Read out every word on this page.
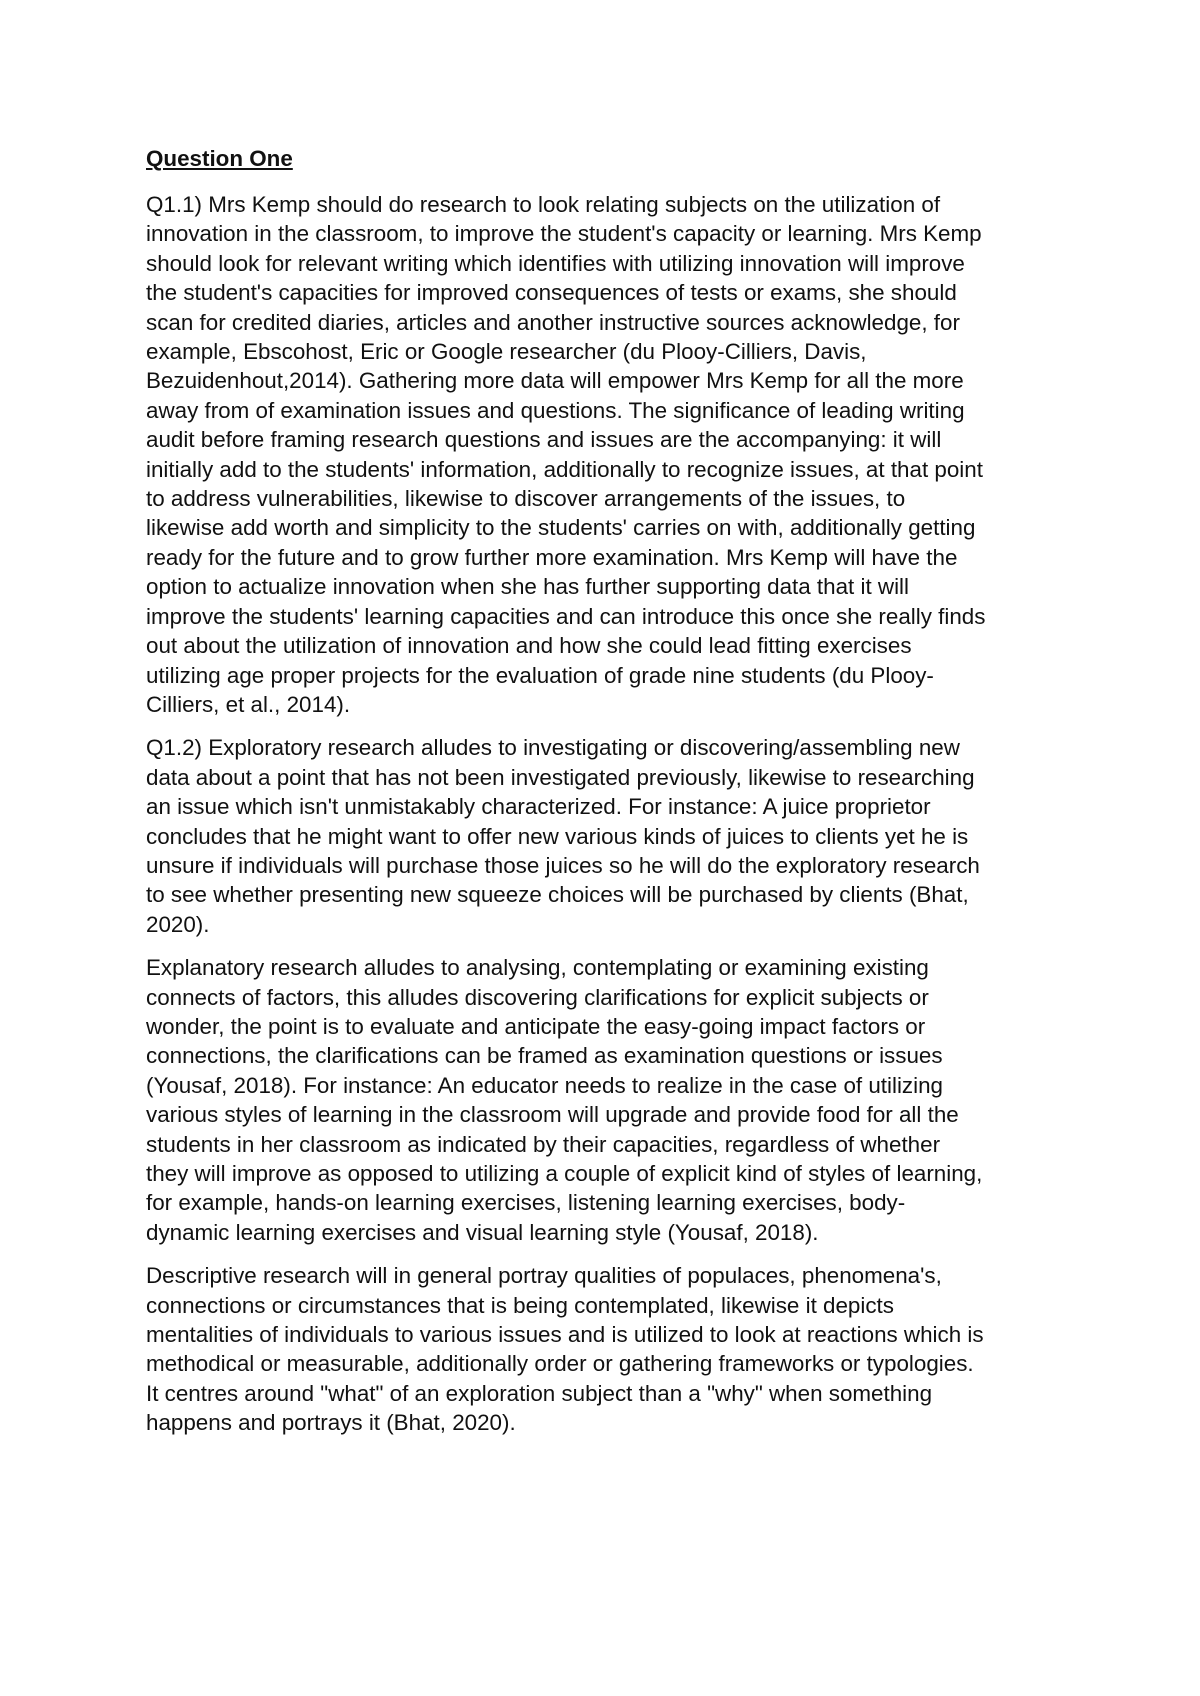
Question One
Q1.1) Mrs Kemp should do research to look relating subjects on the utilization of
innovation in the classroom, to improve the student's capacity or learning. Mrs Kemp
should look for relevant writing which identifies with utilizing innovation will improve
the student's capacities for improved consequences of tests or exams, she should
scan for credited diaries, articles and another instructive sources acknowledge, for
example, Ebscohost, Eric or Google researcher (du Plooy-Cilliers, Davis,
Bezuidenhout,2014). Gathering more data will empower Mrs Kemp for all the more
away from of examination issues and questions. The significance of leading writing
audit before framing research questions and issues are the accompanying: it will
initially add to the students' information, additionally to recognize issues, at that point
to address vulnerabilities, likewise to discover arrangements of the issues, to
likewise add worth and simplicity to the students' carries on with, additionally getting
ready for the future and to grow further more examination. Mrs Kemp will have the
option to actualize innovation when she has further supporting data that it will
improve the students' learning capacities and can introduce this once she really finds
out about the utilization of innovation and how she could lead fitting exercises
utilizing age proper projects for the evaluation of grade nine students (du Plooy-
Cilliers, et al., 2014).
Q1.2) Exploratory research alludes to investigating or discovering/assembling new
data about a point that has not been investigated previously, likewise to researching
an issue which isn't unmistakably characterized. For instance: A juice proprietor
concludes that he might want to offer new various kinds of juices to clients yet he is
unsure if individuals will purchase those juices so he will do the exploratory research
to see whether presenting new squeeze choices will be purchased by clients (Bhat,
2020).
Explanatory research alludes to analysing, contemplating or examining existing
connects of factors, this alludes discovering clarifications for explicit subjects or
wonder, the point is to evaluate and anticipate the easy-going impact factors or
connections, the clarifications can be framed as examination questions or issues
(Yousaf, 2018). For instance: An educator needs to realize in the case of utilizing
various styles of learning in the classroom will upgrade and provide food for all the
students in her classroom as indicated by their capacities, regardless of whether
they will improve as opposed to utilizing a couple of explicit kind of styles of learning,
for example, hands-on learning exercises, listening learning exercises, body-
dynamic learning exercises and visual learning style (Yousaf, 2018).
Descriptive research will in general portray qualities of populaces, phenomena's,
connections or circumstances that is being contemplated, likewise it depicts
mentalities of individuals to various issues and is utilized to look at reactions which is
methodical or measurable, additionally order or gathering frameworks or typologies.
It centres around "what" of an exploration subject than a "why" when something
happens and portrays it (Bhat, 2020).
